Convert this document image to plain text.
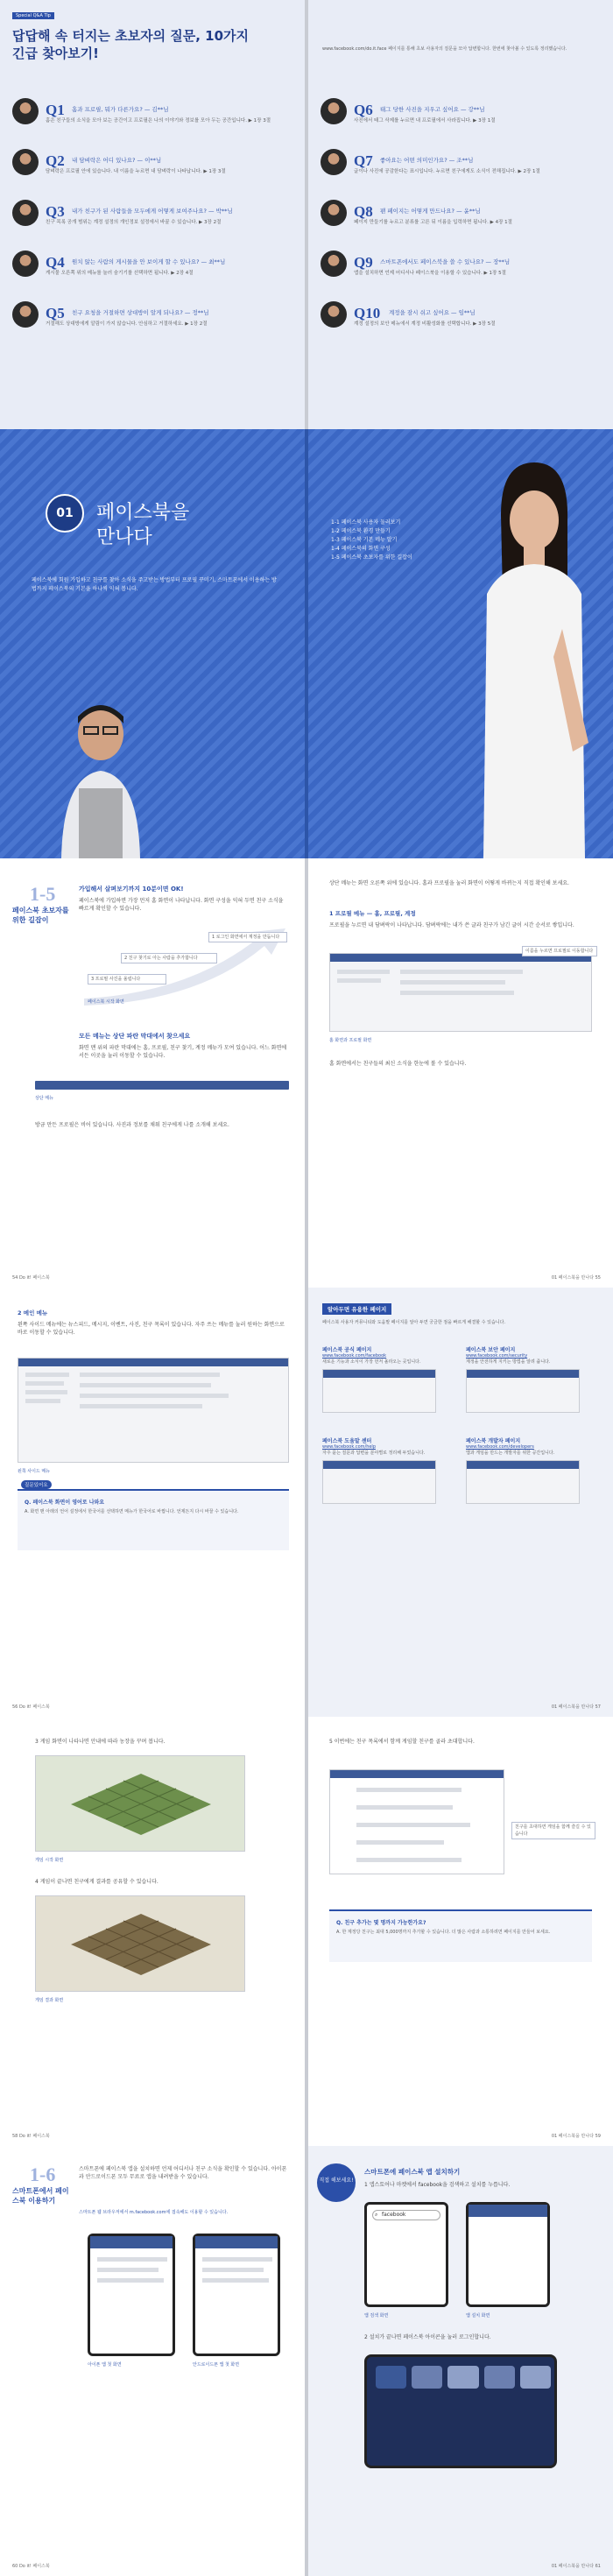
Special Q&A Tip
답답해 속 터지는 초보자의 질문, 10가지
긴급 찾아보기!
Q1 홈과 프로필, 뭐가 다른가요? — 김**님
홈은 친구들의 소식을 모아 보는 공간이고 프로필은 나의 이야기와 정보를 모아 두는 공간입니다. ▶ 1장 3절
Q2 내 담벼락은 어디 있나요? — 이**님
담벼락은 프로필 안에 있습니다. 내 이름을 누르면 내 담벼락이 나타납니다. ▶ 1장 3절
Q3 내가 친구가 된 사람들을 모두에게 어떻게 보여주나요? — 박**님
친구 목록 공개 범위는 계정 설정의 개인정보 설정에서 바꿀 수 있습니다. ▶ 3장 2절
Q4 원치 않는 사람의 게시물을 안 보이게 할 수 있나요? — 최**님
게시물 오른쪽 위의 메뉴를 눌러 숨기기를 선택하면 됩니다. ▶ 2장 4절
Q5 친구 요청을 거절하면 상대방이 알게 되나요? — 정**님
거절해도 상대방에게 알림이 가지 않습니다. 안심하고 거절하세요. ▶ 1장 2절
www.facebook.com/do.it.face 페이지를 통해 초보 사용자의 질문을 모아 답변합니다. 한번에 찾아볼 수 있도록 정리했습니다.
Q6 태그 당한 사진을 지우고 싶어요 — 강**님
사진에서 태그 삭제를 누르면 내 프로필에서 사라집니다. ▶ 3장 1절
Q7 좋아요는 어떤 의미인가요? — 조**님
글이나 사진에 공감한다는 표시입니다. 누르면 친구에게도 소식이 전해집니다. ▶ 2장 1절
Q8 팬 페이지는 어떻게 만드나요? — 윤**님
페이지 만들기를 누르고 분류를 고른 뒤 이름을 입력하면 됩니다. ▶ 4장 1절
Q9 스마트폰에서도 페이스북을 쓸 수 있나요? — 장**님
앱을 설치하면 언제 어디서나 페이스북을 이용할 수 있습니다. ▶ 1장 5절
Q10 계정을 잠시 쉬고 싶어요 — 임**님
계정 설정의 보안 메뉴에서 계정 비활성화를 선택합니다. ▶ 3장 5절
01	페이스북을
만나다
페이스북에 회원 가입하고 친구를 찾아 소식을 주고받는 방법부터 프로필 꾸미기, 스마트폰에서 이용하는 방법까지 페이스북의 기본을 하나씩 익혀 봅니다.
1-1 페이스북 사용자 둘러보기
1-2 페이스북 환경 만들기
1-3 페이스북 기본 메뉴 알기
1-4 페이스북의 화면 구성
1-5 페이스북 초보자를 위한 길잡이
1-5
페이스북 초보자를 위한 길잡이
가입해서 살펴보기까지 10분이면 OK!
페이스북에 가입하면 가장 먼저 홈 화면이 나타납니다. 화면 구성을 익혀 두면 친구 소식을 빠르게 확인할 수 있습니다.
1 로그인 화면에서 계정을 만듭니다
2 친구 찾기로 아는 사람을 추가합니다
3 프로필 사진을 올립니다
페이스북 시작 화면
모든 메뉴는 상단 파란 막대에서 찾으세요
화면 맨 위의 파란 막대에는 홈, 프로필, 친구 찾기, 계정 메뉴가 모여 있습니다. 어느 화면에서든 이곳을 눌러 이동할 수 있습니다.
상단 메뉴
방금 만든 프로필은 비어 있습니다. 사진과 정보를 채워 친구에게 나를 소개해 보세요.
54 Do it! 페이스북
상단 메뉴는 화면 오른쪽 위에 있습니다. 홈과 프로필을 눌러 화면이 어떻게 바뀌는지 직접 확인해 보세요.
1 프로필 메뉴 — 홈, 프로필, 계정
프로필을 누르면 내 담벼락이 나타납니다. 담벼락에는 내가 쓴 글과 친구가 남긴 글이 시간 순서로 쌓입니다.
이름을 누르면 프로필로 이동합니다
홈 화면과 프로필 화면
홈 화면에서는 친구들의 최신 소식을 한눈에 볼 수 있습니다.
01 페이스북을 만나다 55
2 메인 메뉴
왼쪽 사이드 메뉴에는 뉴스피드, 메시지, 이벤트, 사진, 친구 목록이 있습니다. 자주 쓰는 메뉴를 눌러 원하는 화면으로 바로 이동할 수 있습니다.
왼쪽 사이드 메뉴
질문있어요
Q. 페이스북 화면이 영어로 나와요
A. 화면 맨 아래의 언어 설정에서 한국어를 선택하면 메뉴가 한국어로 바뀝니다. 언제든지 다시 바꿀 수 있습니다.
56 Do it! 페이스북
알아두면 유용한 페이지
페이스북 사용자 커뮤니티와 도움말 페이지를 알아 두면 궁금한 점을 빠르게 해결할 수 있습니다.
페이스북 공식 페이지
www.facebook.com/facebook
새로운 기능과 소식이 가장 먼저 올라오는 곳입니다.
페이스북 도움말 센터
www.facebook.com/help
자주 묻는 질문과 답변을 분야별로 정리해 두었습니다.
페이스북 보안 페이지
www.facebook.com/security
계정을 안전하게 지키는 방법을 알려 줍니다.
페이스북 개발자 페이지
www.facebook.com/developers
앱과 게임을 만드는 개발자를 위한 공간입니다.
01 페이스북을 만나다 57
3 게임 화면이 나타나면 안내에 따라 농장을 꾸며 봅니다.
게임 시작 화면
4 게임이 끝나면 친구에게 결과를 공유할 수 있습니다.
게임 결과 화면
58 Do it! 페이스북
5 이번에는 친구 목록에서 함께 게임할 친구를 골라 초대합니다.
친구를 초대하면 게임을 함께 즐길 수 있습니다
Q. 친구 추가는 몇 명까지 가능한가요?
A. 한 계정당 친구는 최대 5,000명까지 추가할 수 있습니다. 더 많은 사람과 소통하려면 페이지를 만들어 보세요.
01 페이스북을 만나다 59
1-6
스마트폰에서 페이스북 이용하기
스마트폰에 페이스북 앱을 설치하면 언제 어디서나 친구 소식을 확인할 수 있습니다. 아이폰과 안드로이드폰 모두 무료로 앱을 내려받을 수 있습니다.
스마트폰 웹 브라우저에서 m.facebook.com에 접속해도 이용할 수 있습니다.
아이폰 앱 첫 화면	안드로이드폰 앱 첫 화면
60 Do it! 페이스북
직접 해보세요!
스마트폰에 페이스북 앱 설치하기
1 앱스토어나 마켓에서 facebook을 검색하고 설치를 누릅니다.
⌕ facebook
앱 검색 화면	앱 설치 화면
2 설치가 끝나면 페이스북 아이콘을 눌러 로그인합니다.
01 페이스북을 만나다 61
